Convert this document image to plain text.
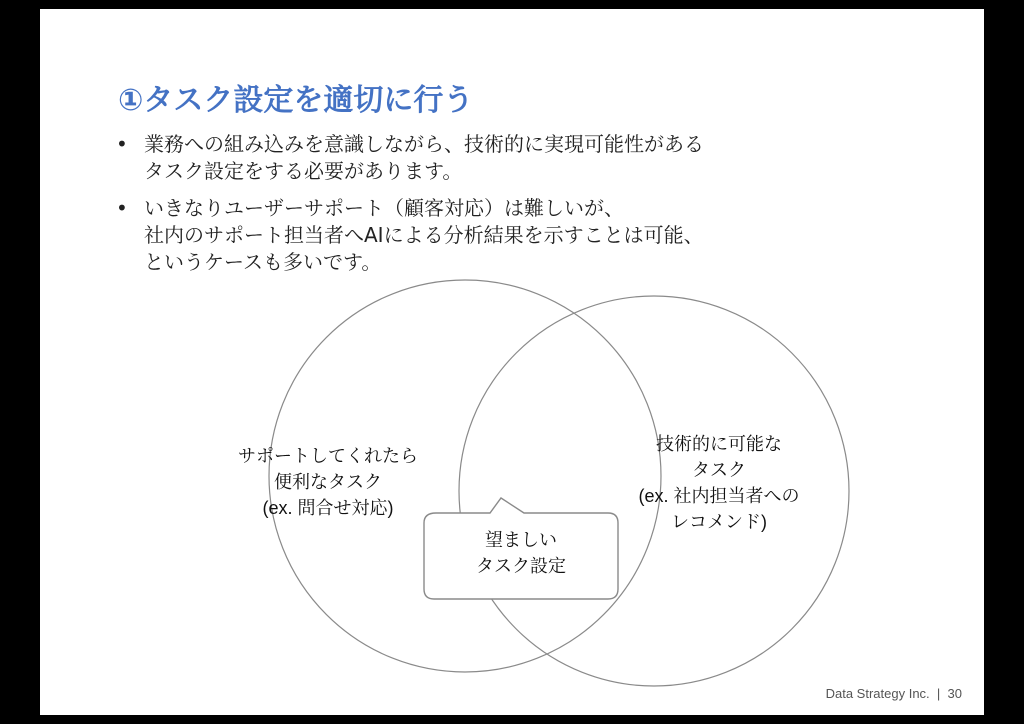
①タスク設定を適切に行う
• 業務への組み込みを意識しながら、技術的に実現可能性がある
タスク設定をする必要があります。
• いきなりユーザーサポート（顧客対応）は難しいが、
社内のサポート担当者へAIによる分析結果を示すことは可能、
というケースも多いです。
サポートしてくれたら
便利なタスク
(ex. 問合せ対応)
技術的に可能な
タスク
(ex. 社内担当者への
レコメンド)
望ましい
タスク設定
Data Strategy Inc. | 30
